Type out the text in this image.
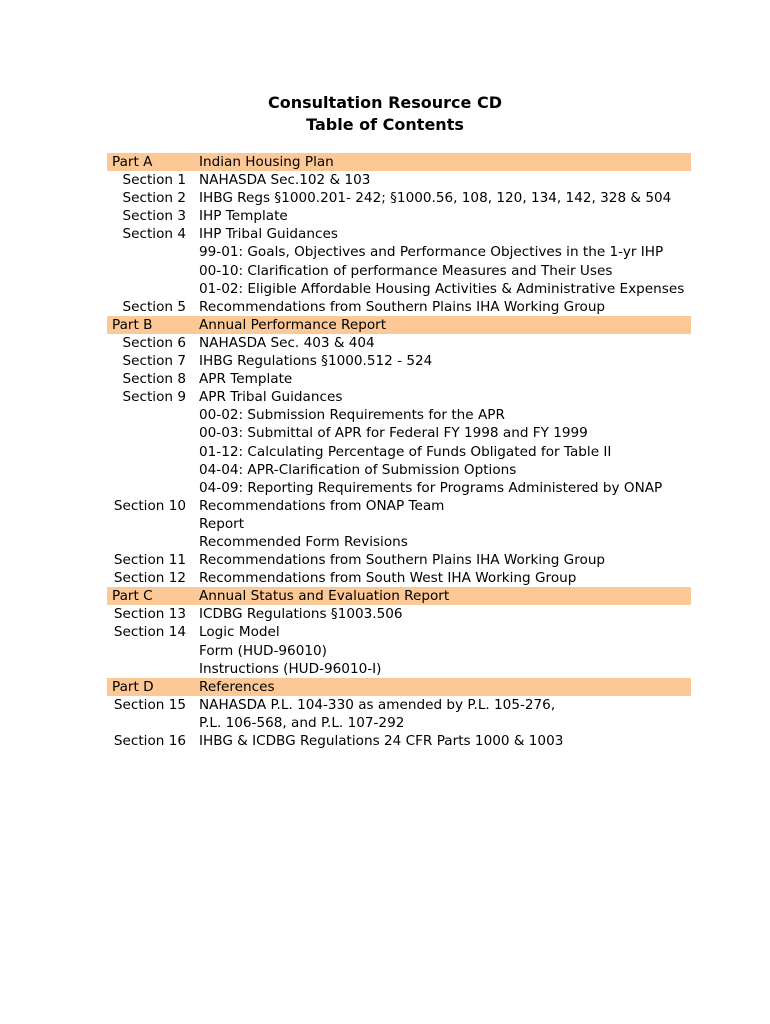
Consultation Resource CD
Table of Contents
Part A	Indian Housing Plan
Section 1 NAHASDA Sec.102 & 103
Section 2 IHBG Regs §1000.201- 242; §1000.56, 108, 120, 134, 142, 328 & 504
Section 3 IHP Template
Section 4 IHP Tribal Guidances
99-01: Goals, Objectives and Performance Objectives in the 1-yr IHP
00-10: Clarification of performance Measures and Their Uses
01-02: Eligible Affordable Housing Activities & Administrative Expenses
Section 5 Recommendations from Southern Plains IHA Working Group
Part B	Annual Performance Report
Section 6 NAHASDA Sec. 403 & 404
Section 7 IHBG Regulations §1000.512 - 524
Section 8 APR Template
Section 9 APR Tribal Guidances
00-02: Submission Requirements for the APR
00-03: Submittal of APR for Federal FY 1998 and FY 1999
01-12: Calculating Percentage of Funds Obligated for Table II
04-04: APR-Clarification of Submission Options
04-09: Reporting Requirements for Programs Administered by ONAP
Section 10 Recommendations from ONAP Team
Report
Recommended Form Revisions
Section 11 Recommendations from Southern Plains IHA Working Group
Section 12 Recommendations from South West IHA Working Group
Part C	Annual Status and Evaluation Report
Section 13 ICDBG Regulations §1003.506
Section 14 Logic Model
Form (HUD-96010)
Instructions (HUD-96010-I)
Part D	References
Section 15 NAHASDA P.L. 104-330 as amended by P.L. 105-276,
P.L. 106-568, and P.L. 107-292
Section 16 IHBG & ICDBG Regulations 24 CFR Parts 1000 & 1003
